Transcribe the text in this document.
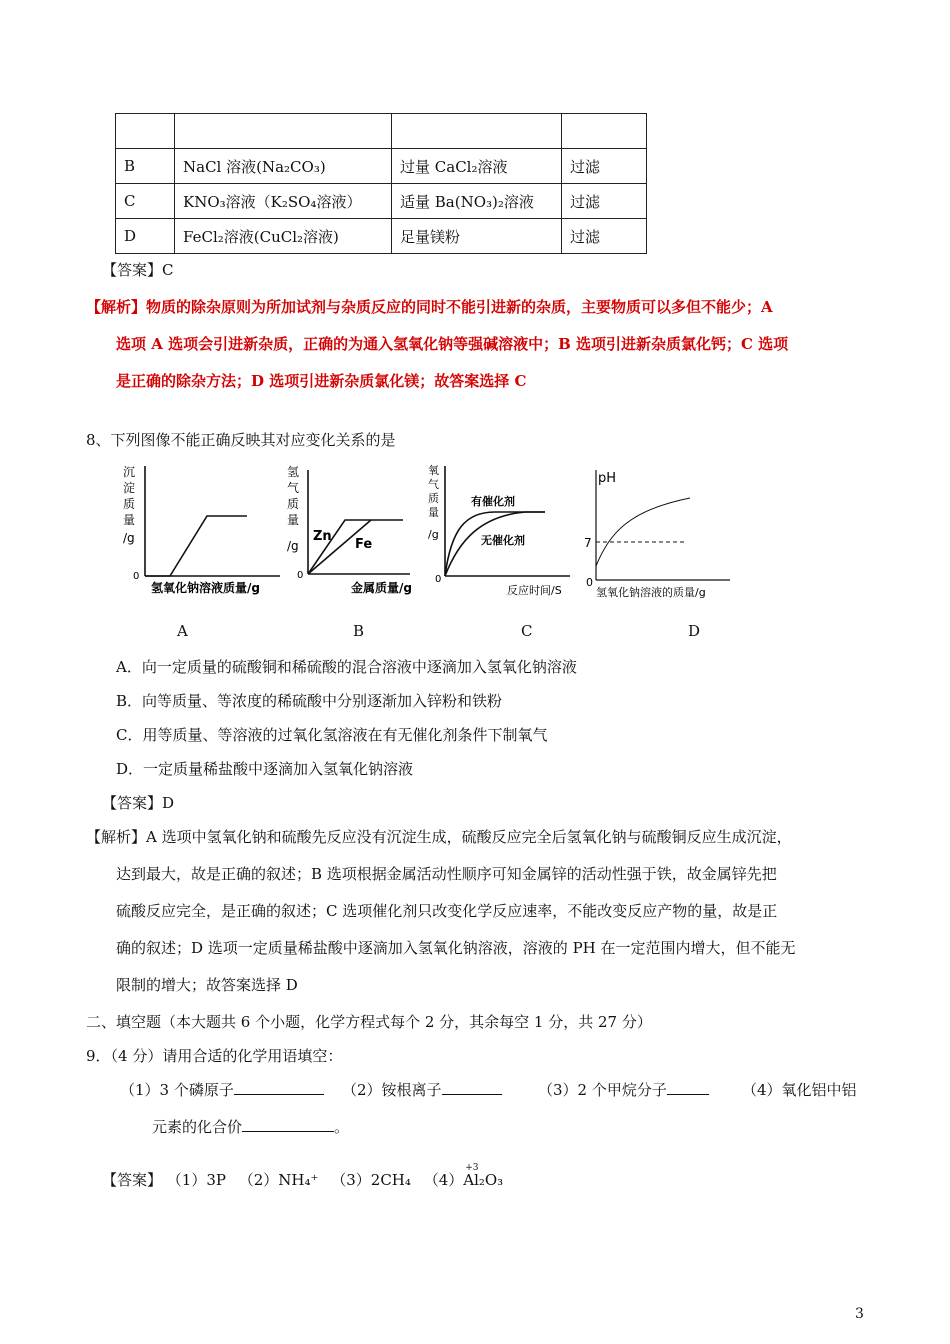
B	NaCl 溶液(Na₂CO₃)	过量 CaCl₂溶液	过滤
C	KNO₃溶液（K₂SO₄溶液）	适量 Ba(NO₃)₂溶液	过滤
D	FeCl₂溶液(CuCl₂溶液)	足量镁粉	过滤
【答案】C
【解析】物质的除杂原则为所加试剂与杂质反应的同时不能引进新的杂质，主要物质可以多但不能少；A
选项 A 选项会引进新杂质，正确的为通入氢氧化钠等强碱溶液中；B 选项引进新杂质氯化钙；C 选项
是正确的除杂方法；D 选项引进新杂质氯化镁；故答案选择 C
8、下列图像不能正确反映其对应变化关系的是
沉
淀
质
量
/g
0
氢氧化钠溶液质量/g
氢
气
质
量
/g
Zn
Fe
0
金属质量/g
氧
气
质
量
/g
有催化剂
无催化剂
0
反应时间/S
pH
7
0
氢氧化钠溶液的质量/g
A	B	C	D
A．向一定质量的硫酸铜和稀硫酸的混合溶液中逐滴加入氢氧化钠溶液
B．向等质量、等浓度的稀硫酸中分别逐渐加入锌粉和铁粉
C．用等质量、等溶液的过氧化氢溶液在有无催化剂条件下制氧气
D．一定质量稀盐酸中逐滴加入氢氧化钠溶液
【答案】D
【解析】A 选项中氢氧化钠和硫酸先反应没有沉淀生成，硫酸反应完全后氢氧化钠与硫酸铜反应生成沉淀，
达到最大，故是正确的叙述；B 选项根据金属活动性顺序可知金属锌的活动性强于铁，故金属锌先把
硫酸反应完全，是正确的叙述；C 选项催化剂只改变化学反应速率，不能改变反应产物的量，故是正
确的叙述；D 选项一定质量稀盐酸中逐滴加入氢氧化钠溶液，溶液的 PH 在一定范围内增大，但不能无
限制的增大；故答案选择 D
二、填空题（本大题共 6 个小题，化学方程式每个 2 分，其余每空 1 分，共 27 分）
9．（4 分）请用合适的化学用语填空：
（1）3 个磷原子	（2）铵根离子	（3）2 个甲烷分子	（4）氧化铝中铝
元素的化合价	。
【答案】 （1）3P （2）NH₄⁺ （3）2CH₄ （4）
+3
Al₂O₃
3
